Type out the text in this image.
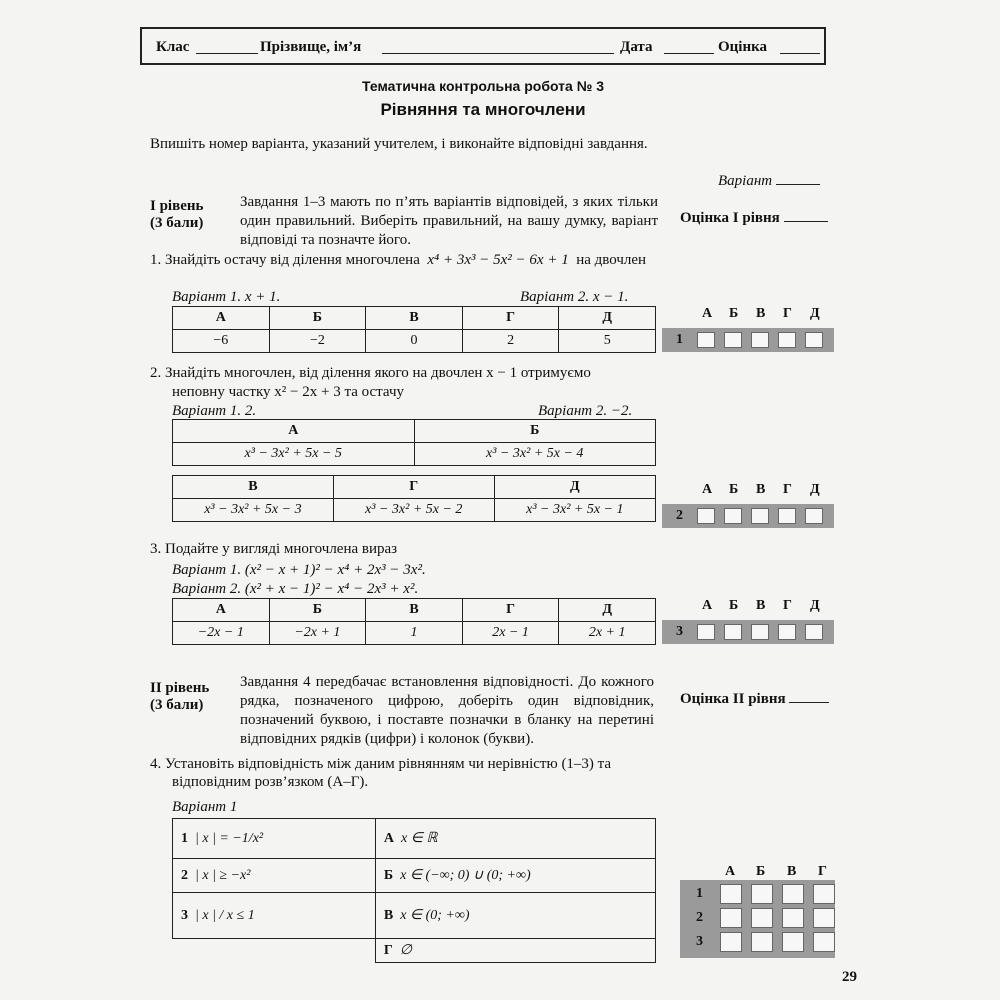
Клас	Прізвище, ім’я	Дата	Оцінка
Тематична контрольна робота № 3
Рівняння та многочлени
Впишіть номер варіанта, указаний учителем, і виконайте відповідні завдання.
Варіант
І рівень
(3 бали)
Завдання 1–3 мають по п’ять варіантів відповідей, з яких тільки один правильний. Виберіть правильний, на вашу думку, варіант відповіді та позначте його.
Оцінка І рівня
1. Знайдіть остачу від ділення многочлена x⁴ + 3x³ − 5x² − 6x + 1 на двочлен
Варіант 1. x + 1.	Варіант 2. x − 1.
А	Б	В	Г	Д
−6	−2	0	2	5
2. Знайдіть многочлен, від ділення якого на двочлен x − 1 отримуємо
неповну частку x² − 2x + 3 та остачу
Варіант 1. 2.	Варіант 2. −2.
А	Б
x³ − 3x² + 5x − 5	x³ − 3x² + 5x − 4
В	Г	Д
x³ − 3x² + 5x − 3	x³ − 3x² + 5x − 2	x³ − 3x² + 5x − 1
3. Подайте у вигляді многочлена вираз
Варіант 1. (x² − x + 1)² − x⁴ + 2x³ − 3x².
Варіант 2. (x² + x − 1)² − x⁴ − 2x³ + x².
А	Б	В	Г	Д
−2x − 1	−2x + 1	1	2x − 1	2x + 1
ІІ рівень
(3 бали)
Завдання 4 передбачає встановлення відповідності. До кожного рядка, позначеного цифрою, доберіть один відповідник, позначений буквою, і поставте позначки в бланку на перетині відповідних рядків (цифри) і колонок (букви).
Оцінка ІІ рівня
4. Установіть відповідність між даним рівнянням чи нерівністю (1–3) та
відповідним розв’язком (А–Г).
Варіант 1
1 | x | = −1/x²	А x ∈ ℝ
2 | x | ≥ −x²	Б x ∈ (−∞; 0) ∪ (0; +∞)
3 | x | / x ≤ 1	В x ∈ (0; +∞)
	Г ∅
А Б В Г Д
1
А Б В Г Д
2
А Б В Г Д
3
А Б В Г
1
2
3
29
